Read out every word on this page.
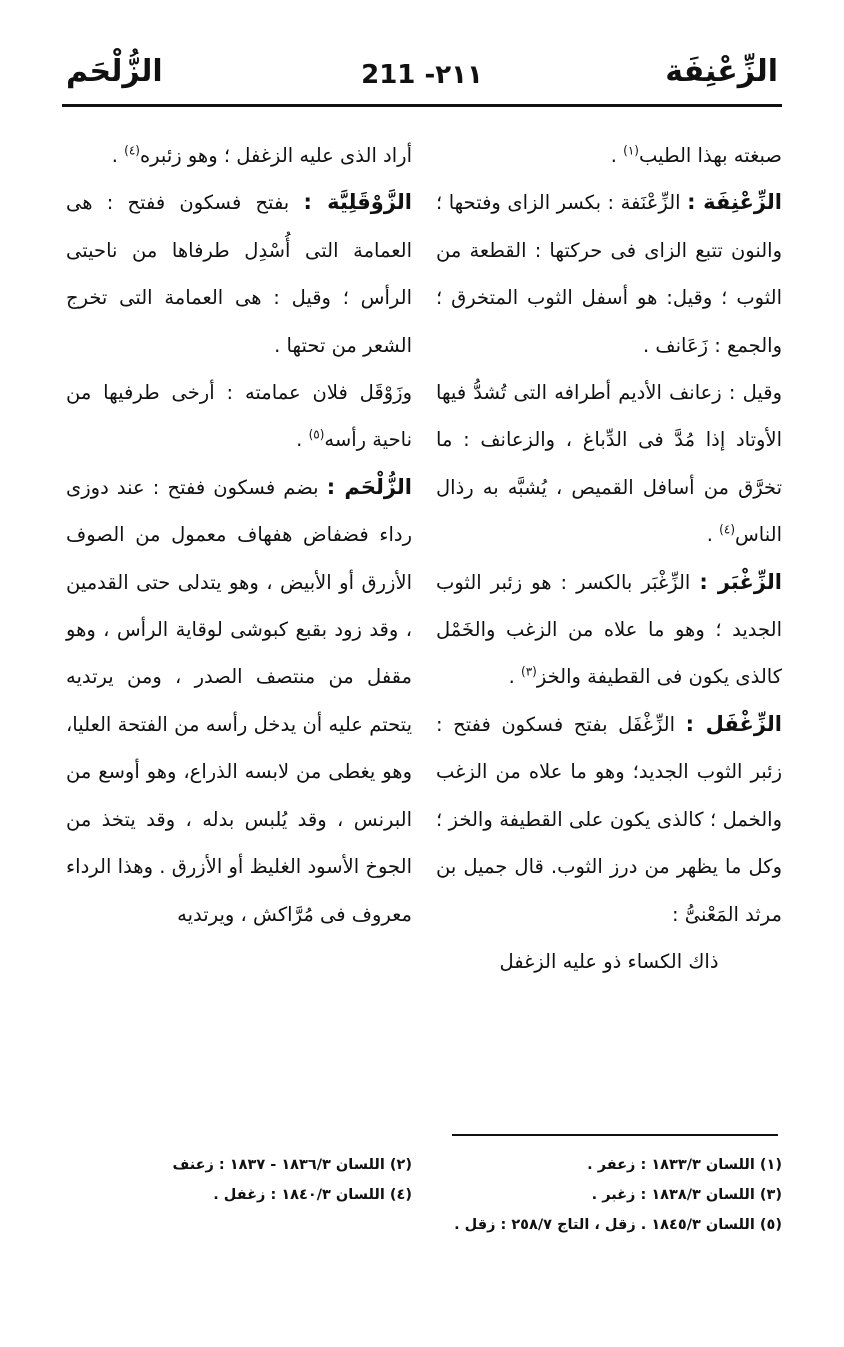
الزِّعْنِفَة
211 -٢١١
الزُّلْحَم

صبغته بهذا الطيب$^{(١)}$ .

الزِّعْنِفَة : الزِّعْنَفة : بكسر الزاى وفتحها ؛ والنون تتبع الزاى فى حركتها : القطعة من الثوب ؛ وقيل: هو أسفل الثوب المتخرق ؛ والجمع : زَعَانف .

وقيل : زعانف الأديم أطرافه التى تُشدُّ فيها الأوتاد إذا مُدَّ فى الدِّباغ ، والزعانف : ما تخرَّق من أسافل القميص ، يُشبَّه به رذال الناس$^{(٤)}$ .

الزِّغْبَر : الزِّغْبَر بالكسر : هو زئبر الثوب الجديد ؛ وهو ما علاه من الزغب والخَمْل كالذى يكون فى القطيفة والخز$^{(٣)}$ .

الزِّغْفَل : الزِّغْفَل بفتح فسكون ففتح : زئبر الثوب الجديد؛ وهو ما علاه من الزغب والخمل ؛ كالذى يكون على القطيفة والخز ؛ وكل ما يظهر من درز الثوب. قال جميل بن مرثد المَعْنىُّ :

ذاك الكساء ذو عليه الزغفل

أراد الذى عليه الزغفل ؛ وهو زئبره$^{(٤)}$ .

الزَّوْقَلِيَّة : بفتح فسكون ففتح : هى العمامة التى أُسْدِل طرفاها من ناحيتى الرأس ؛ وقيل : هى العمامة التى تخرج الشعر من تحتها .

وزَوْقَل فلان عمامته : أرخى طرفيها من ناحية رأسه$^{(٥)}$ .

الزُّلْحَم : بضم فسكون ففتح : عند دوزى رداء فضفاض هفهاف معمول من الصوف الأزرق أو الأبيض ، وهو يتدلى حتى القدمين ، وقد زود بقبع كبوشى لوقاية الرأس ، وهو مقفل من منتصف الصدر ، ومن يرتديه يتحتم عليه أن يدخل رأسه من الفتحة العليا، وهو يغطى من لابسه الذراع، وهو أوسع من البرنس ، وقد يُلبس بدله ، وقد يتخذ من الجوخ الأسود الغليظ أو الأزرق . وهذا الرداء معروف فى مُرَّاكش ، ويرتديه

(١) اللسان ١٨٣٣/٣ : زعفر .
(٣) اللسان ١٨٣٨/٣ : زغبر .
(٥) اللسان ١٨٤٥/٣ . زقل ، التاج ٢٥٨/٧ : زقل .
(٢) اللسان ١٨٣٦/٣ - ١٨٣٧ : زعنف
(٤) اللسان ١٨٤٠/٣ : زغفل .
